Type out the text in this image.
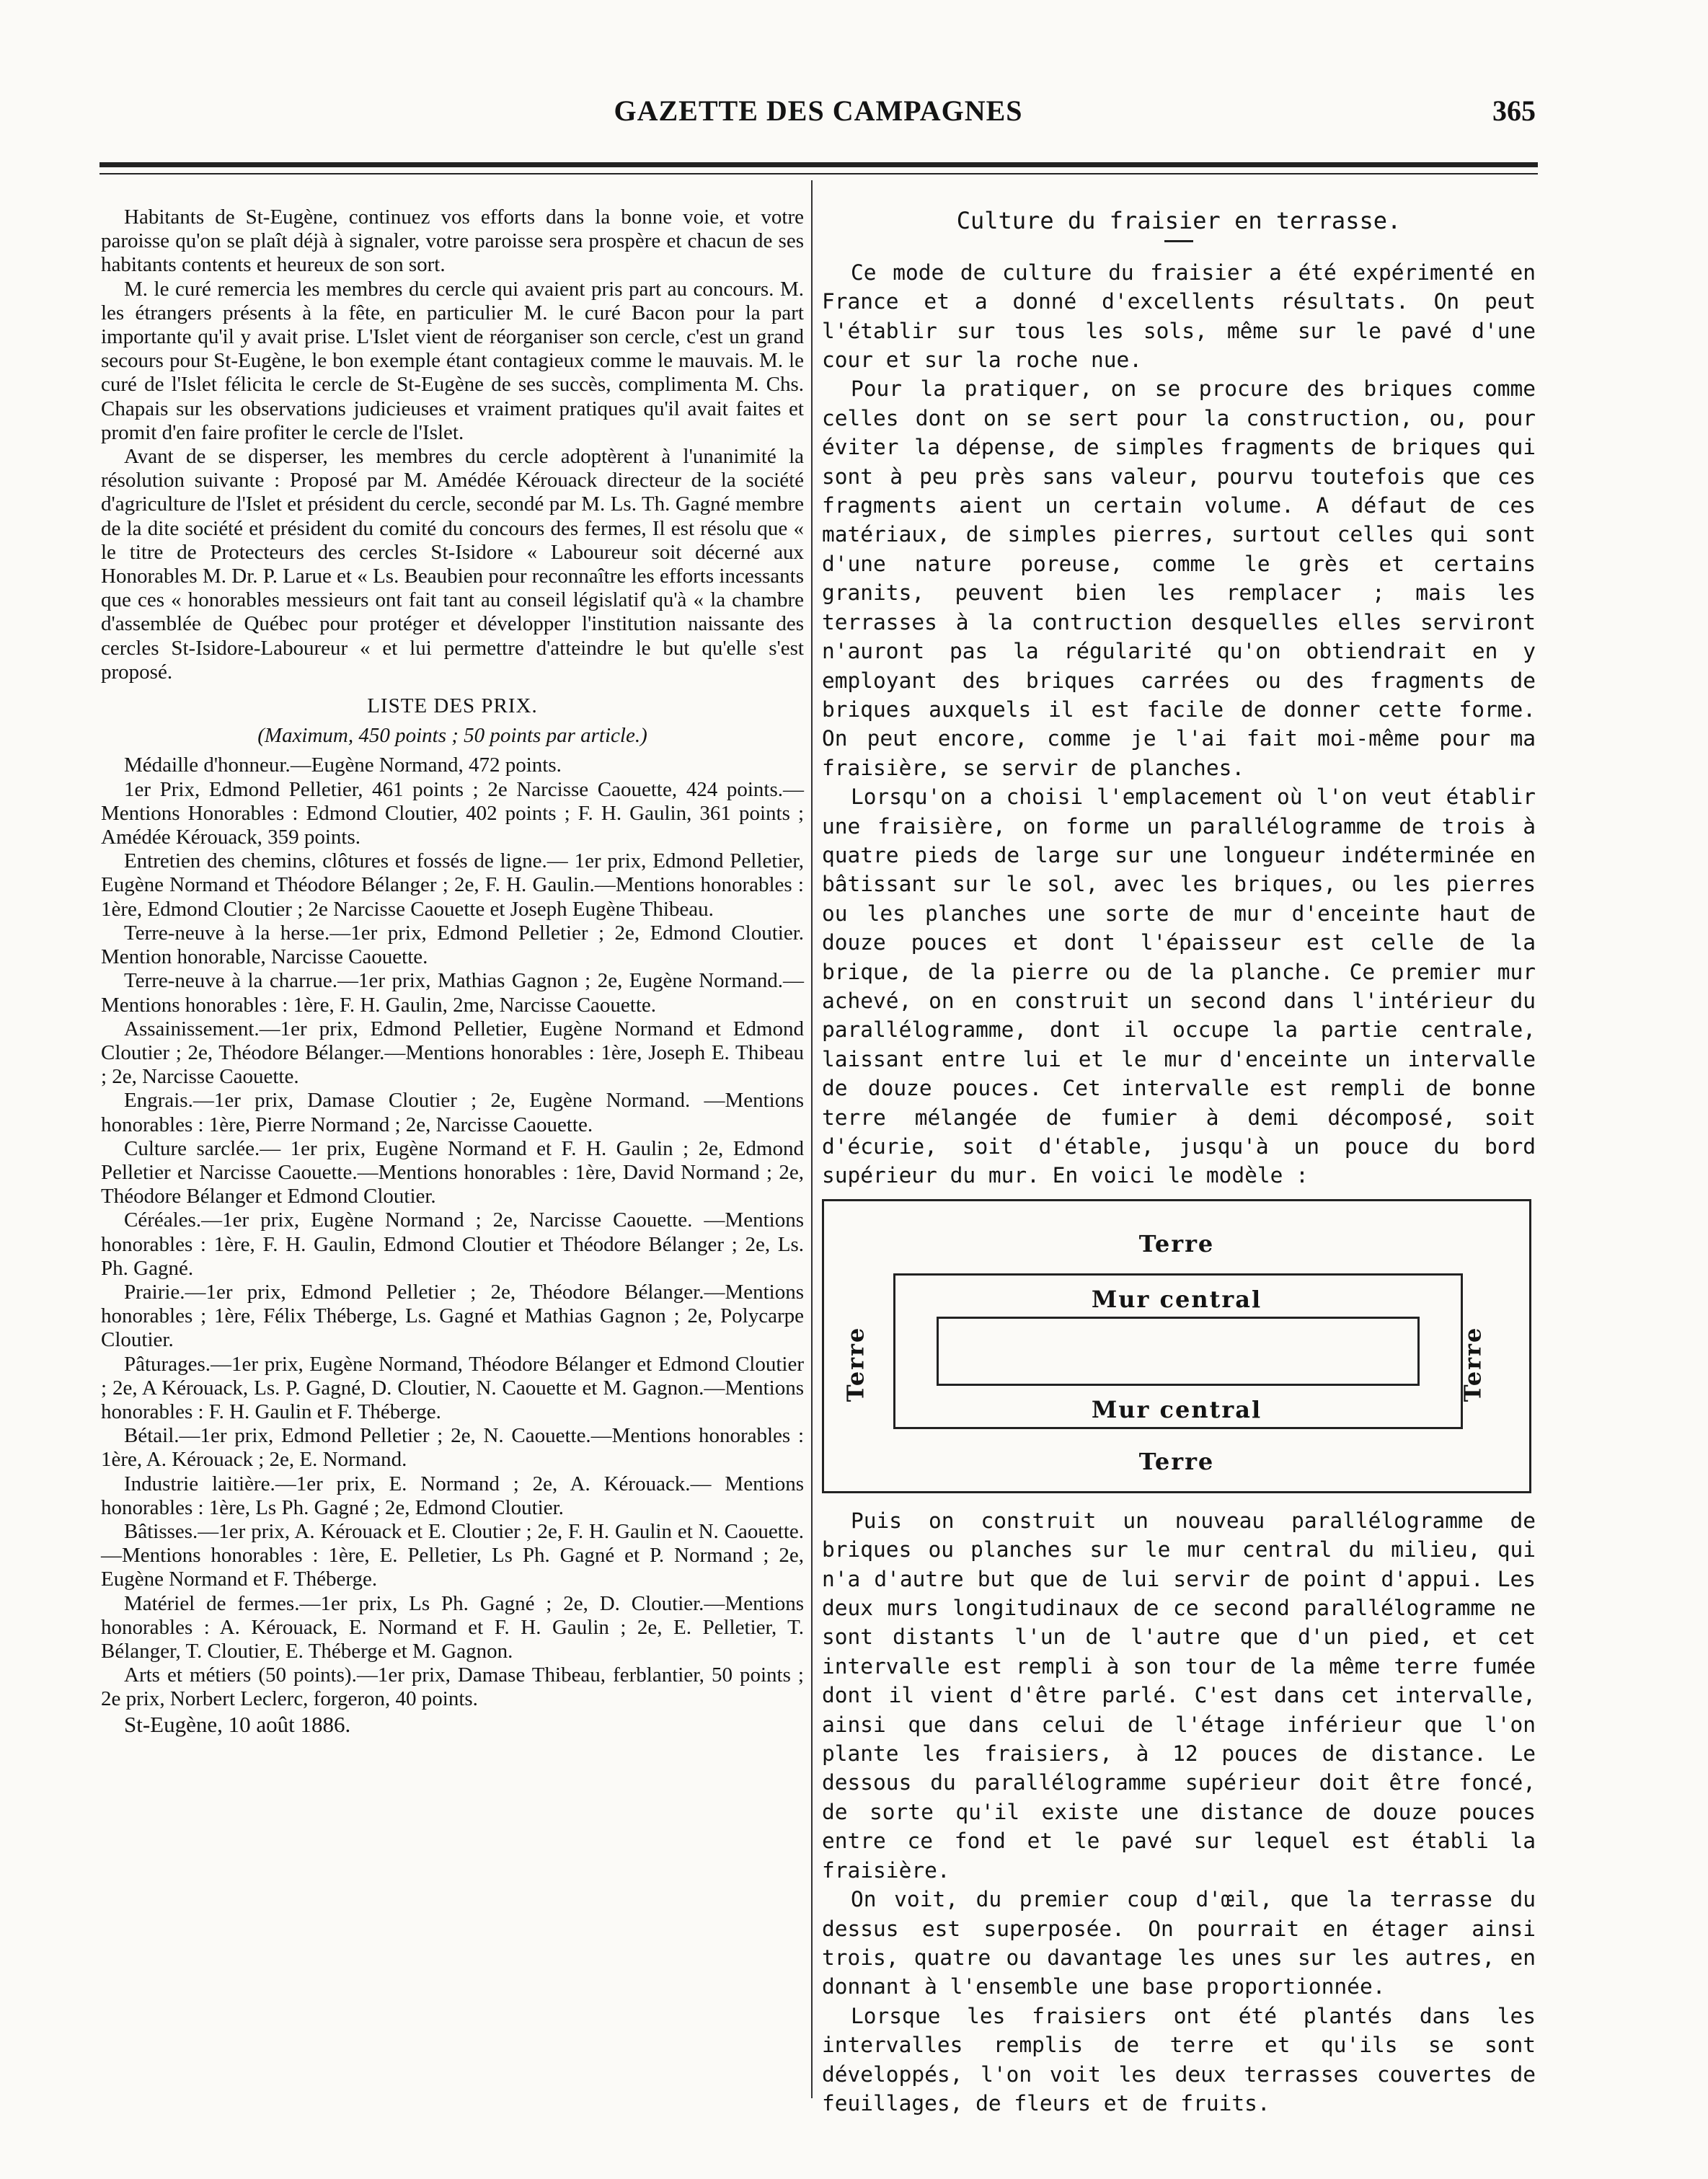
GAZETTE DES CAMPAGNES	365

Habitants de St-Eugène, continuez vos efforts dans la bonne voie, et votre paroisse qu'on se plaît déjà à signaler, votre paroisse sera prospère et chacun de ses habitants contents et heureux de son sort.

M. le curé remercia les membres du cercle qui avaient pris part au concours. M. les étrangers présents à la fête, en particulier M. le curé Bacon pour la part importante qu'il y avait prise. L'Islet vient de réorganiser son cercle, c'est un grand secours pour St-Eugène, le bon exemple étant contagieux comme le mauvais. M. le curé de l'Islet félicita le cercle de St-Eugène de ses succès, complimenta M. Chs. Chapais sur les observations judicieuses et vraiment pratiques qu'il avait faites et promit d'en faire profiter le cercle de l'Islet.

Avant de se disperser, les membres du cercle adoptèrent à l'unanimité la résolution suivante : Proposé par M. Amédée Kérouack directeur de la société d'agriculture de l'Islet et président du cercle, secondé par M. Ls. Th. Gagné membre de la dite société et président du comité du concours des fermes, Il est résolu que « le titre de Protecteurs des cercles St-Isidore « Laboureur soit décerné aux Honorables M. Dr. P. Larue et « Ls. Beaubien pour reconnaître les efforts incessants que ces « honorables messieurs ont fait tant au conseil législatif qu'à « la chambre d'assemblée de Québec pour protéger et développer l'institution naissante des cercles St-Isidore-Laboureur « et lui permettre d'atteindre le but qu'elle s'est proposé.

LISTE DES PRIX.
(Maximum, 450 points ; 50 points par article.)

Médaille d'honneur.—Eugène Normand, 472 points.

1er Prix, Edmond Pelletier, 461 points ; 2e Narcisse Caouette, 424 points.— Mentions Honorables : Edmond Cloutier, 402 points ; F. H. Gaulin, 361 points ; Amédée Kérouack, 359 points.

Entretien des chemins, clôtures et fossés de ligne.— 1er prix, Edmond Pelletier, Eugène Normand et Théodore Bélanger ; 2e, F. H. Gaulin.—Mentions honorables : 1ère, Edmond Cloutier ; 2e Narcisse Caouette et Joseph Eugène Thibeau.

Terre-neuve à la herse.—1er prix, Edmond Pelletier ; 2e, Edmond Cloutier. Mention honorable, Narcisse Caouette.

Terre-neuve à la charrue.—1er prix, Mathias Gagnon ; 2e, Eugène Normand.—Mentions honorables : 1ère, F. H. Gaulin, 2me, Narcisse Caouette.

Assainissement.—1er prix, Edmond Pelletier, Eugène Normand et Edmond Cloutier ; 2e, Théodore Bélanger.—Mentions honorables : 1ère, Joseph E. Thibeau ; 2e, Narcisse Caouette.

Engrais.—1er prix, Damase Cloutier ; 2e, Eugène Normand. —Mentions honorables : 1ère, Pierre Normand ; 2e, Narcisse Caouette.

Culture sarclée.— 1er prix, Eugène Normand et F. H. Gaulin ; 2e, Edmond Pelletier et Narcisse Caouette.—Mentions honorables : 1ère, David Normand ; 2e, Théodore Bélanger et Edmond Cloutier.

Céréales.—1er prix, Eugène Normand ; 2e, Narcisse Caouette. —Mentions honorables : 1ère, F. H. Gaulin, Edmond Cloutier et Théodore Bélanger ; 2e, Ls. Ph. Gagné.

Prairie.—1er prix, Edmond Pelletier ; 2e, Théodore Bélanger.—Mentions honorables ; 1ère, Félix Théberge, Ls. Gagné et Mathias Gagnon ; 2e, Polycarpe Cloutier.

Pâturages.—1er prix, Eugène Normand, Théodore Bélanger et Edmond Cloutier ; 2e, A Kérouack, Ls. P. Gagné, D. Cloutier, N. Caouette et M. Gagnon.—Mentions honorables : F. H. Gaulin et F. Théberge.

Bétail.—1er prix, Edmond Pelletier ; 2e, N. Caouette.—Mentions honorables : 1ère, A. Kérouack ; 2e, E. Normand.

Industrie laitière.—1er prix, E. Normand ; 2e, A. Kérouack.— Mentions honorables : 1ère, Ls Ph. Gagné ; 2e, Edmond Cloutier.

Bâtisses.—1er prix, A. Kérouack et E. Cloutier ; 2e, F. H. Gaulin et N. Caouette.—Mentions honorables : 1ère, E. Pelletier, Ls Ph. Gagné et P. Normand ; 2e, Eugène Normand et F. Théberge.

Matériel de fermes.—1er prix, Ls Ph. Gagné ; 2e, D. Cloutier.—Mentions honorables : A. Kérouack, E. Normand et F. H. Gaulin ; 2e, E. Pelletier, T. Bélanger, T. Cloutier, E. Théberge et M. Gagnon.

Arts et métiers (50 points).—1er prix, Damase Thibeau, ferblantier, 50 points ; 2e prix, Norbert Leclerc, forgeron, 40 points.

St-Eugène, 10 août 1886.

Culture du fraisier en terrasse.

Ce mode de culture du fraisier a été expérimenté en France et a donné d'excellents résultats. On peut l'établir sur tous les sols, même sur le pavé d'une cour et sur la roche nue.

Pour la pratiquer, on se procure des briques comme celles dont on se sert pour la construction, ou, pour éviter la dépense, de simples fragments de briques qui sont à peu près sans valeur, pourvu toutefois que ces fragments aient un certain volume. A défaut de ces matériaux, de simples pierres, surtout celles qui sont d'une nature poreuse, comme le grès et certains granits, peuvent bien les remplacer ; mais les terrasses à la contruction desquelles elles serviront n'auront pas la régularité qu'on obtiendrait en y employant des briques carrées ou des fragments de briques auxquels il est facile de donner cette forme. On peut encore, comme je l'ai fait moi-même pour ma fraisière, se servir de planches.

Lorsqu'on a choisi l'emplacement où l'on veut établir une fraisière, on forme un parallélogramme de trois à quatre pieds de large sur une longueur indéterminée en bâtissant sur le sol, avec les briques, ou les pierres ou les planches une sorte de mur d'enceinte haut de douze pouces et dont l'épaisseur est celle de la brique, de la pierre ou de la planche. Ce premier mur achevé, on en construit un second dans l'intérieur du parallélogramme, dont il occupe la partie centrale, laissant entre lui et le mur d'enceinte un intervalle de douze pouces. Cet intervalle est rempli de bonne terre mélangée de fumier à demi décomposé, soit d'écurie, soit d'étable, jusqu'à un pouce du bord supérieur du mur. En voici le modèle :

Terre
Mur central
Mur central
Terre
Terre	Terre

Puis on construit un nouveau parallélogramme de briques ou planches sur le mur central du milieu, qui n'a d'autre but que de lui servir de point d'appui. Les deux murs longitudinaux de ce second parallélogramme ne sont distants l'un de l'autre que d'un pied, et cet intervalle est rempli à son tour de la même terre fumée dont il vient d'être parlé. C'est dans cet intervalle, ainsi que dans celui de l'étage inférieur que l'on plante les fraisiers, à 12 pouces de distance. Le dessous du parallélogramme supérieur doit être foncé, de sorte qu'il existe une distance de douze pouces entre ce fond et le pavé sur lequel est établi la fraisière.

On voit, du premier coup d'œil, que la terrasse du dessus est superposée. On pourrait en étager ainsi trois, quatre ou davantage les unes sur les autres, en donnant à l'ensemble une base proportionnée.

Lorsque les fraisiers ont été plantés dans les intervalles remplis de terre et qu'ils se sont développés, l'on voit les deux terrasses couvertes de feuillages, de fleurs et de fruits.
